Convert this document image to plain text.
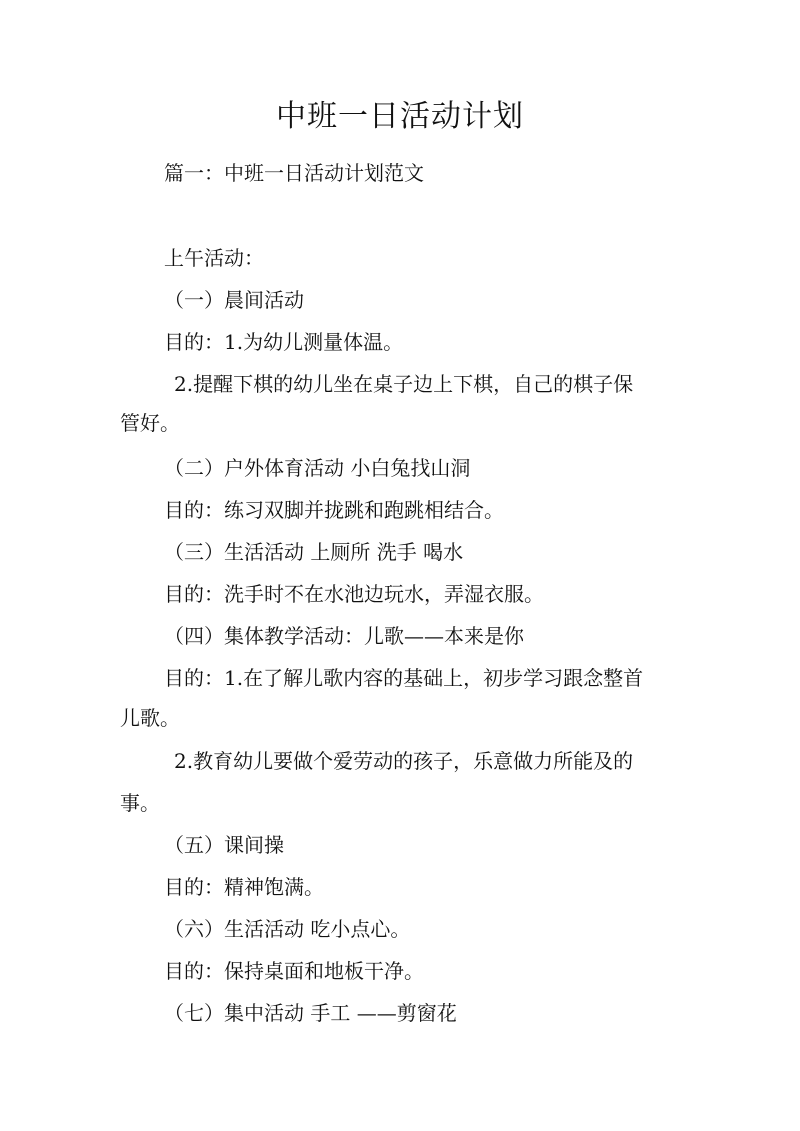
中班一日活动计划

篇一：中班一日活动计划范文

上午活动：

（一）晨间活动

目的：1.为幼儿测量体温。

2.提醒下棋的幼儿坐在桌子边上下棋，自己的棋子保

管好。

（二）户外体育活动 小白兔找山洞

目的：练习双脚并拢跳和跑跳相结合。

（三）生活活动 上厕所 洗手 喝水

目的：洗手时不在水池边玩水，弄湿衣服。

（四）集体教学活动：儿歌——本来是你

目的：1.在了解儿歌内容的基础上，初步学习跟念整首

儿歌。

2.教育幼儿要做个爱劳动的孩子，乐意做力所能及的

事。

（五）课间操

目的：精神饱满。

（六）生活活动 吃小点心。

目的：保持桌面和地板干净。

（七）集中活动 手工 ——剪窗花
